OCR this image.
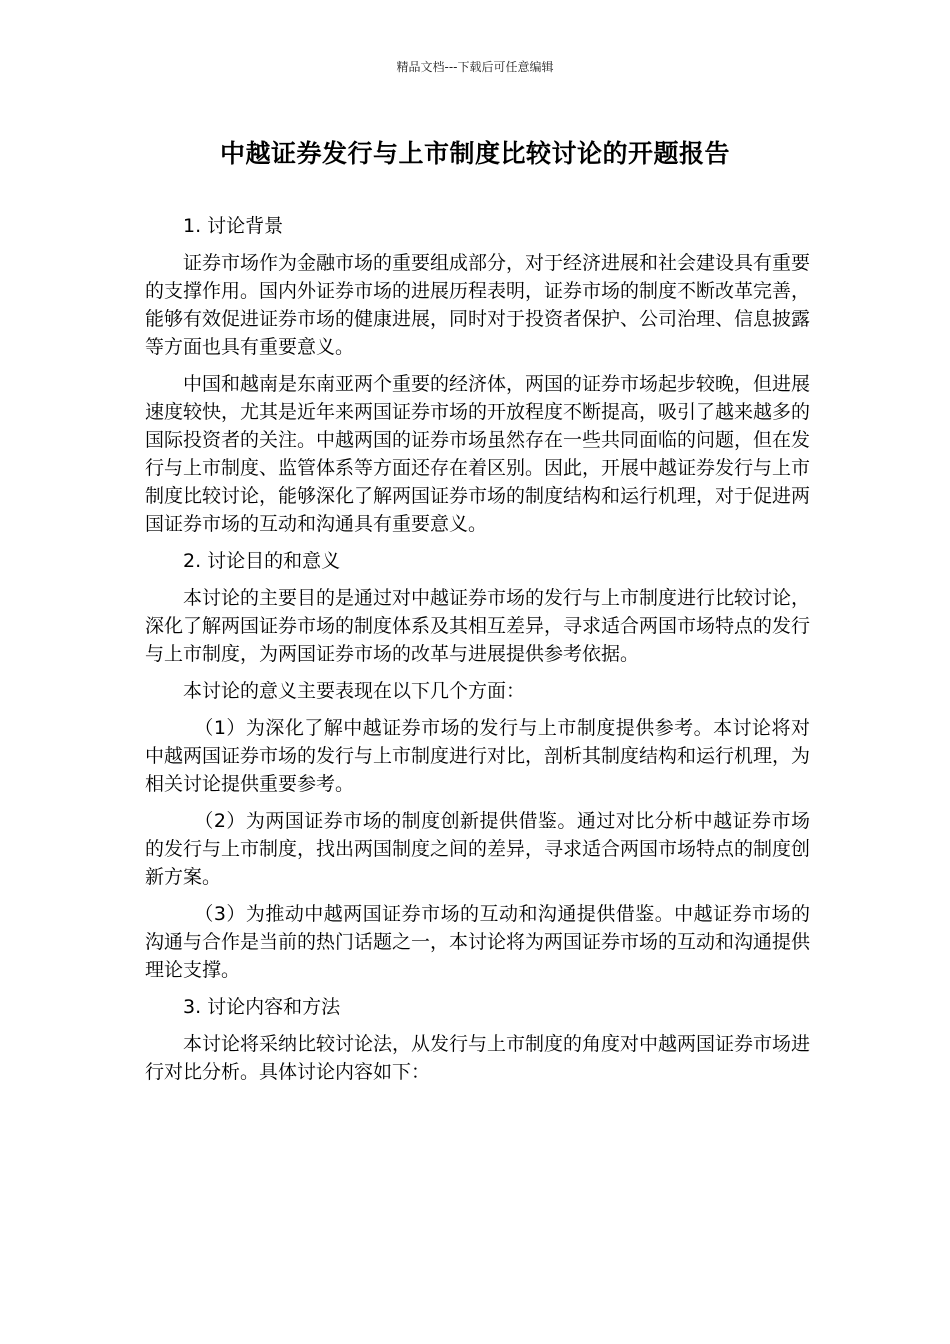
精品文档---下载后可任意编辑
中越证券发行与上市制度比较讨论的开题报告

1. 讨论背景

证券市场作为金融市场的重要组成部分，对于经济进展和社会建设具有重要的支撑作用。国内外证券市场的进展历程表明，证券市场的制度不断改革完善，能够有效促进证券市场的健康进展，同时对于投资者保护、公司治理、信息披露等方面也具有重要意义。

中国和越南是东南亚两个重要的经济体，两国的证券市场起步较晚，但进展速度较快，尤其是近年来两国证券市场的开放程度不断提高，吸引了越来越多的国际投资者的关注。中越两国的证券市场虽然存在一些共同面临的问题，但在发行与上市制度、监管体系等方面还存在着区别。因此，开展中越证券发行与上市制度比较讨论，能够深化了解两国证券市场的制度结构和运行机理，对于促进两国证券市场的互动和沟通具有重要意义。

2. 讨论目的和意义

本讨论的主要目的是通过对中越证券市场的发行与上市制度进行比较讨论，深化了解两国证券市场的制度体系及其相互差异，寻求适合两国市场特点的发行与上市制度，为两国证券市场的改革与进展提供参考依据。

本讨论的意义主要表现在以下几个方面：

（1）为深化了解中越证券市场的发行与上市制度提供参考。本讨论将对中越两国证券市场的发行与上市制度进行对比，剖析其制度结构和运行机理，为相关讨论提供重要参考。

（2）为两国证券市场的制度创新提供借鉴。通过对比分析中越证券市场的发行与上市制度，找出两国制度之间的差异，寻求适合两国市场特点的制度创新方案。

（3）为推动中越两国证券市场的互动和沟通提供借鉴。中越证券市场的沟通与合作是当前的热门话题之一，本讨论将为两国证券市场的互动和沟通提供理论支撑。

3. 讨论内容和方法

本讨论将采纳比较讨论法，从发行与上市制度的角度对中越两国证券市场进行对比分析。具体讨论内容如下：
